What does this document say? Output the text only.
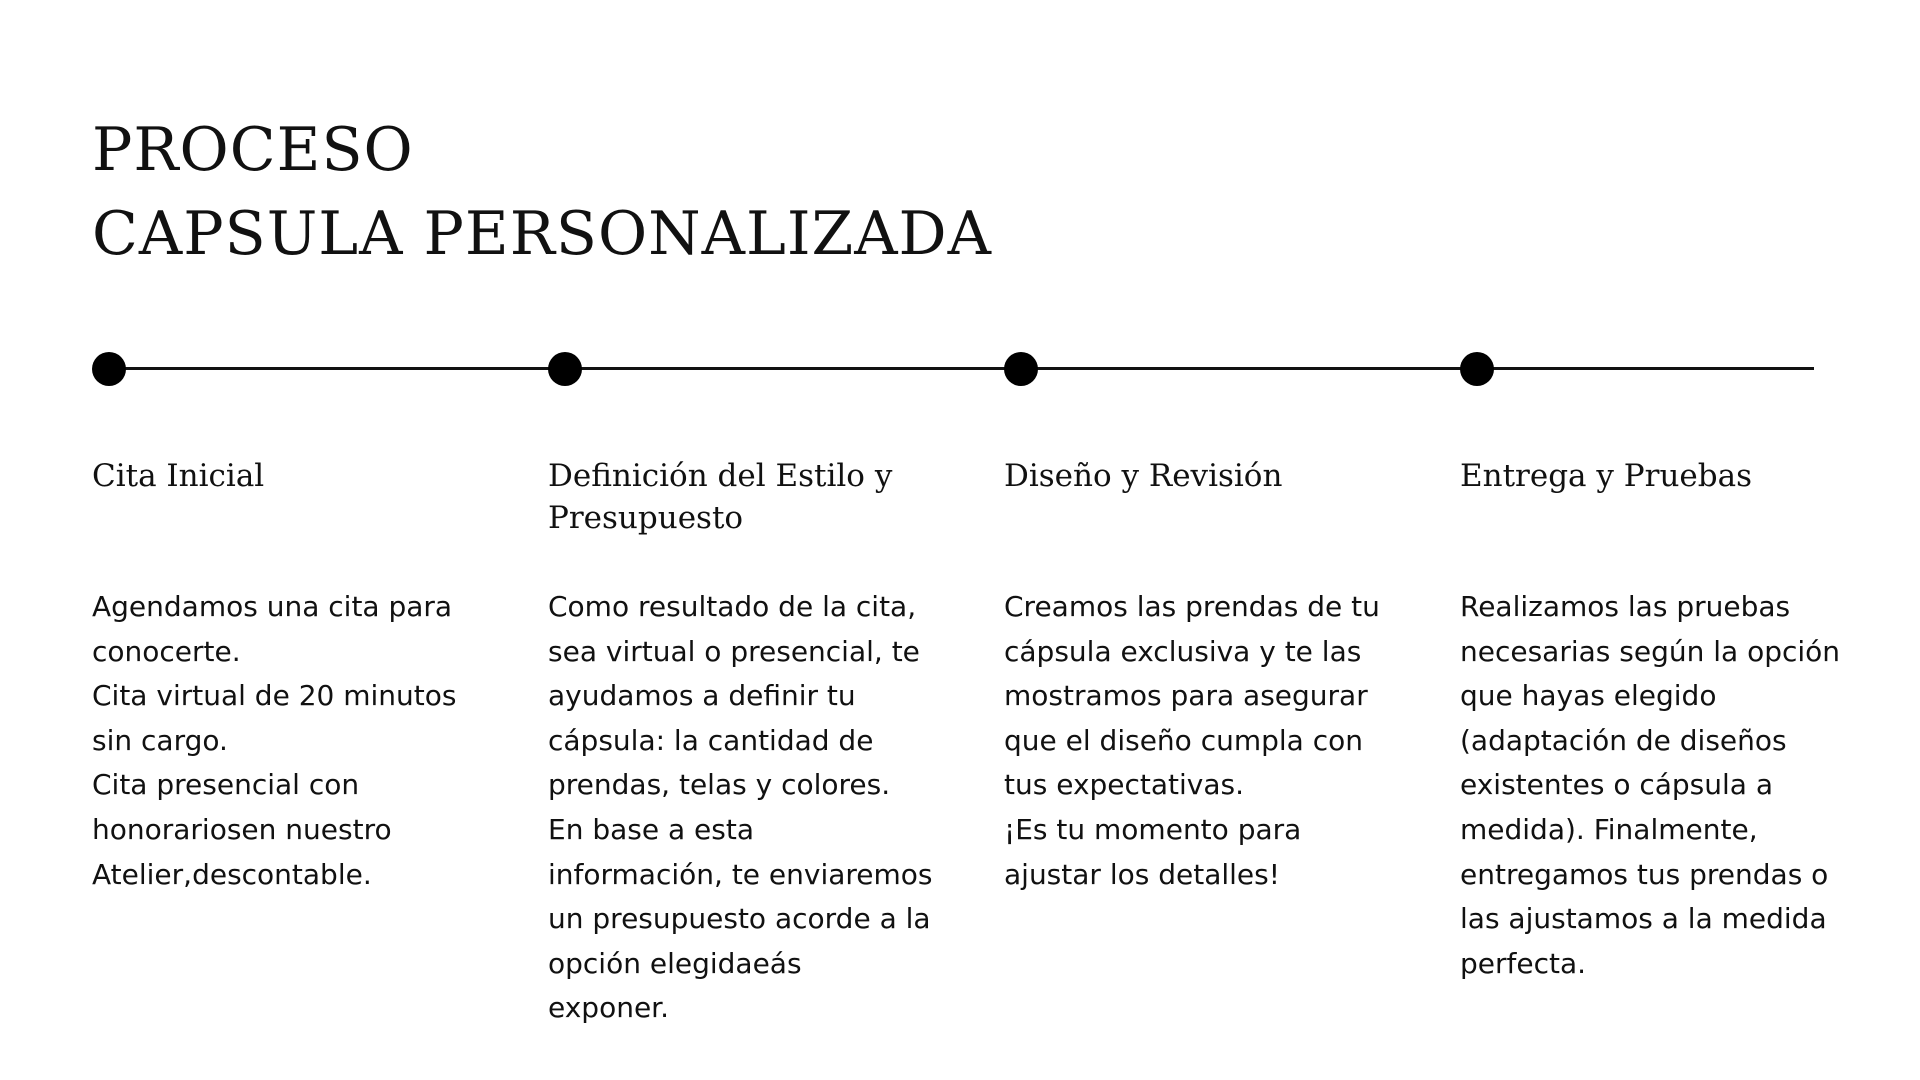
PROCESO
CAPSULA PERSONALIZADA
Cita Inicial

Agendamos una cita para
conocerte.
Cita virtual de 20 minutos
sin cargo.
Cita presencial con
honorariosen nuestro
Atelier,descontable.

Definición del Estilo y Presupuesto

Como resultado de la cita,
sea virtual o presencial, te
ayudamos a definir tu
cápsula: la cantidad de
prendas, telas y colores.
En base a esta
información, te enviaremos
un presupuesto acorde a la
opción elegidaeás
exponer.

Diseño y Revisión

Creamos las prendas de tu
cápsula exclusiva y te las
mostramos para asegurar
que el diseño cumpla con
tus expectativas.
¡Es tu momento para
ajustar los detalles!

Entrega y Pruebas

Realizamos las pruebas
necesarias según la opción
que hayas elegido
(adaptación de diseños
existentes o cápsula a
medida). Finalmente,
entregamos tus prendas o
las ajustamos a la medida
perfecta.
